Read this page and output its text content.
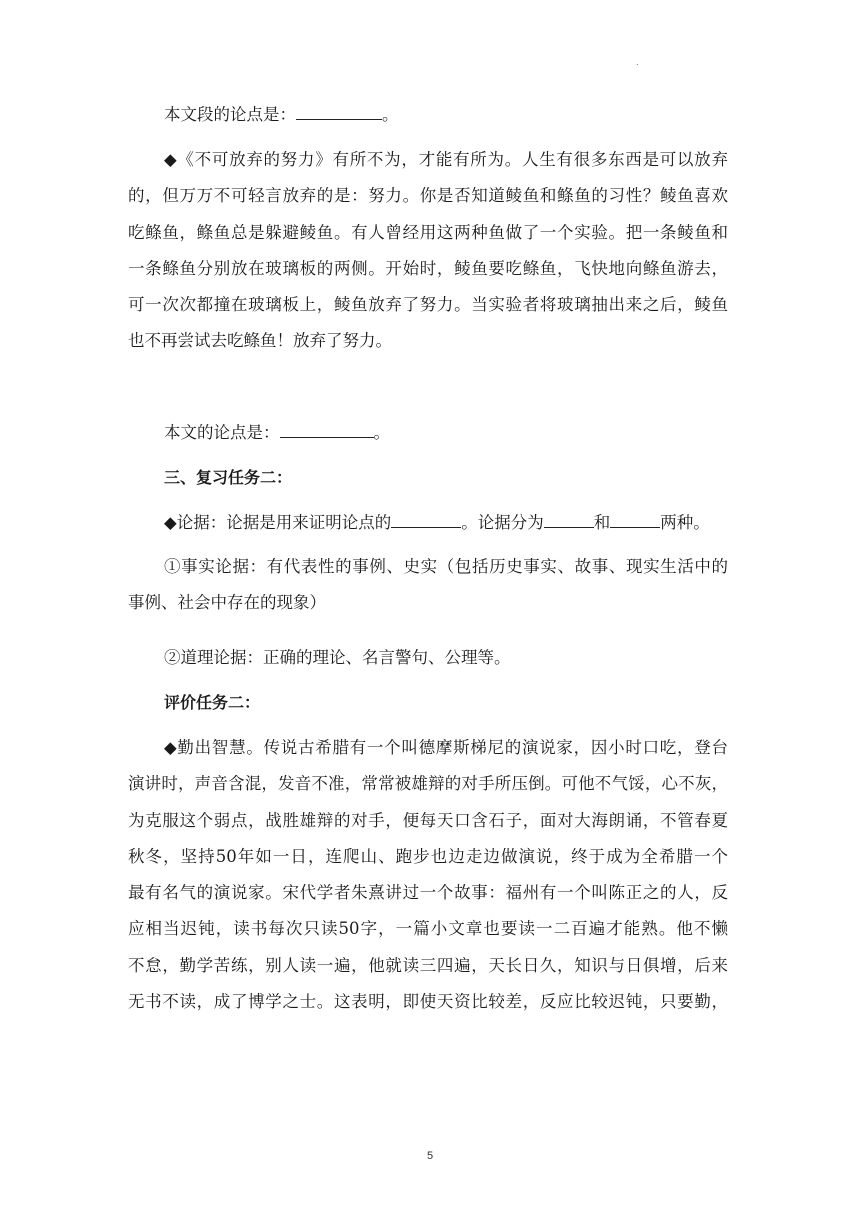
.

本文段的论点是：	。

◆《不可放弃的努力》有所不为，才能有所为。人生有很多东西是可以放弃
的，但万万不可轻言放弃的是：努力。你是否知道鲮鱼和鲦鱼的习性？鲮鱼喜欢
吃鲦鱼，鲦鱼总是躲避鲮鱼。有人曾经用这两种鱼做了一个实验。把一条鲮鱼和
一条鲦鱼分别放在玻璃板的两侧。开始时，鲮鱼要吃鲦鱼，飞快地向鲦鱼游去，
可一次次都撞在玻璃板上，鲮鱼放弃了努力。当实验者将玻璃抽出来之后，鲮鱼
也不再尝试去吃鲦鱼！放弃了努力。

本文的论点是：	。

三、复习任务二：

◆论据：论据是用来证明论点的	。论据分为	和	两种。

①事实论据：有代表性的事例、史实（包括历史事实、故事、现实生活中的
事例、社会中存在的现象）

②道理论据：正确的理论、名言警句、公理等。

评价任务二：

◆勤出智慧。传说古希腊有一个叫德摩斯梯尼的演说家，因小时口吃，登台
演讲时，声音含混，发音不准，常常被雄辩的对手所压倒。可他不气馁，心不灰，
为克服这个弱点，战胜雄辩的对手，便每天口含石子，面对大海朗诵，不管春夏
秋冬，坚持50年如一日，连爬山、跑步也边走边做演说，终于成为全希腊一个
最有名气的演说家。宋代学者朱熹讲过一个故事：福州有一个叫陈正之的人，反
应相当迟钝，读书每次只读50字，一篇小文章也要读一二百遍才能熟。他不懒
不怠，勤学苦练，别人读一遍，他就读三四遍，天长日久，知识与日俱增，后来
无书不读，成了博学之士。这表明，即使天资比较差，反应比较迟钝，只要勤，
5
